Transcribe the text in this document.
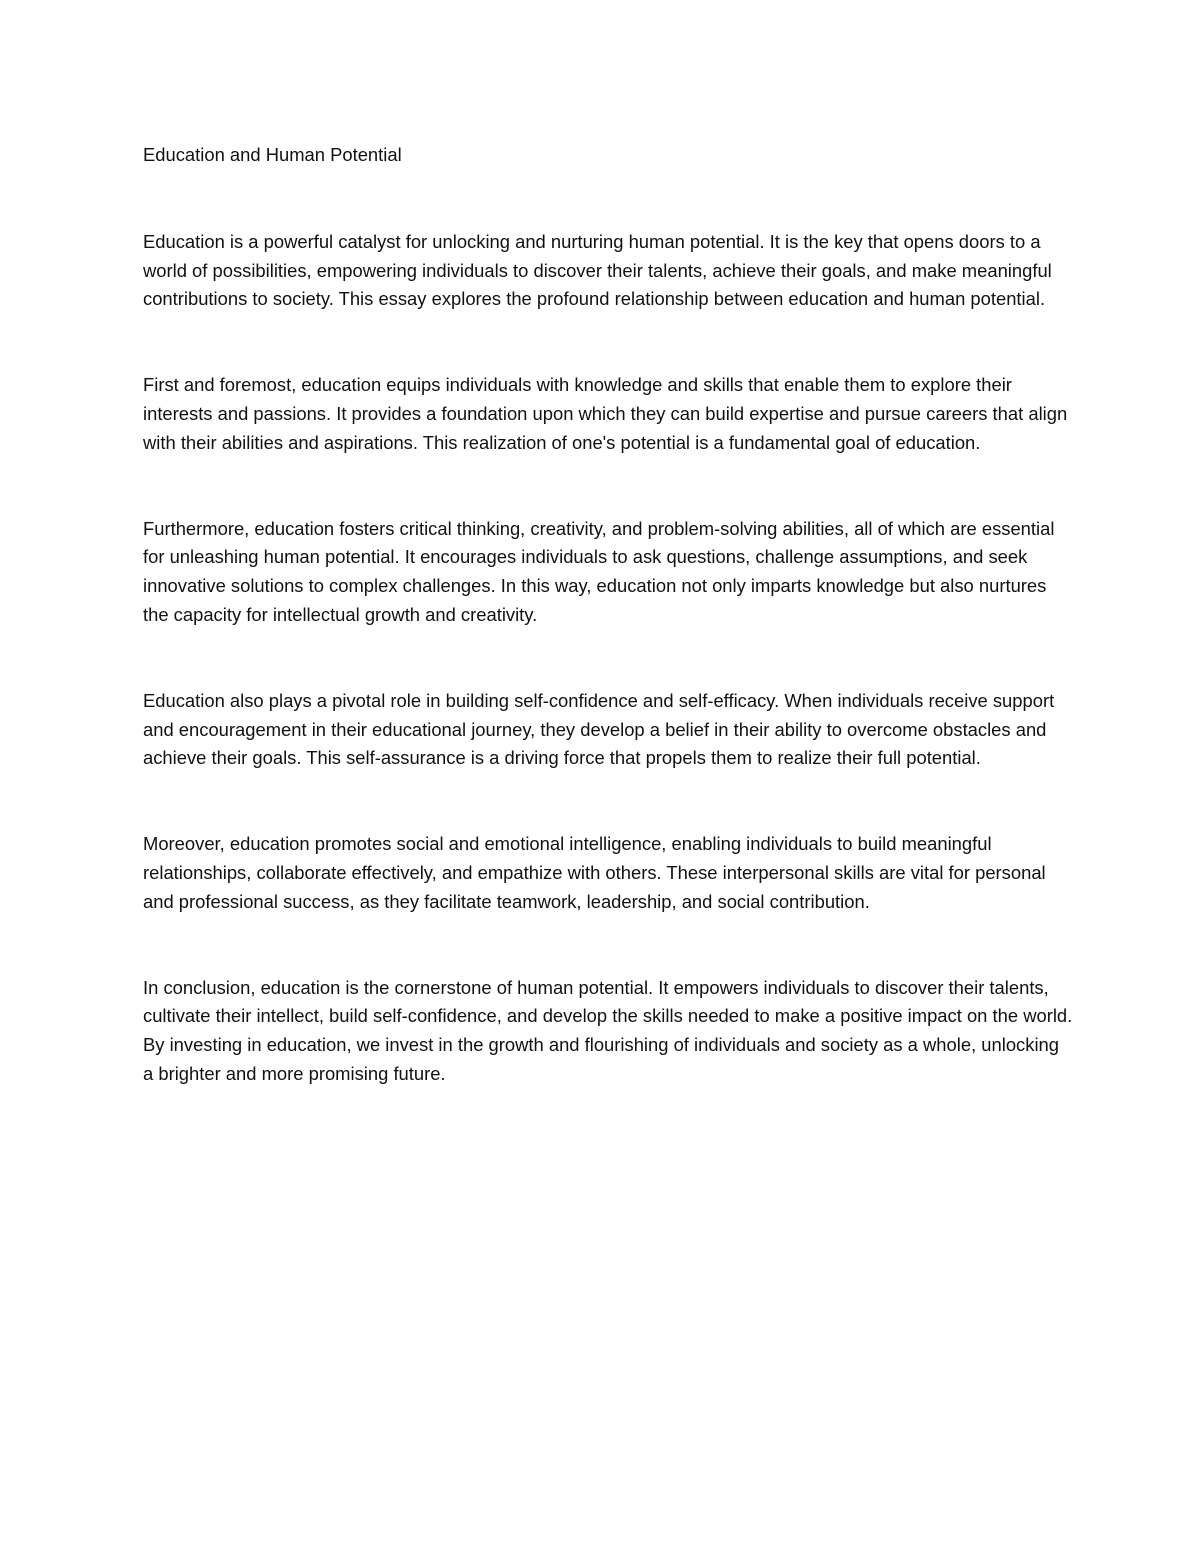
Education and Human Potential

Education is a powerful catalyst for unlocking and nurturing human potential. It is the key that opens doors to a world of possibilities, empowering individuals to discover their talents, achieve their goals, and make meaningful contributions to society. This essay explores the profound relationship between education and human potential.

First and foremost, education equips individuals with knowledge and skills that enable them to explore their interests and passions. It provides a foundation upon which they can build expertise and pursue careers that align with their abilities and aspirations. This realization of one's potential is a fundamental goal of education.

Furthermore, education fosters critical thinking, creativity, and problem-solving abilities, all of which are essential for unleashing human potential. It encourages individuals to ask questions, challenge assumptions, and seek innovative solutions to complex challenges. In this way, education not only imparts knowledge but also nurtures the capacity for intellectual growth and creativity.

Education also plays a pivotal role in building self-confidence and self-efficacy. When individuals receive support and encouragement in their educational journey, they develop a belief in their ability to overcome obstacles and achieve their goals. This self-assurance is a driving force that propels them to realize their full potential.

Moreover, education promotes social and emotional intelligence, enabling individuals to build meaningful relationships, collaborate effectively, and empathize with others. These interpersonal skills are vital for personal and professional success, as they facilitate teamwork, leadership, and social contribution.

In conclusion, education is the cornerstone of human potential. It empowers individuals to discover their talents, cultivate their intellect, build self-confidence, and develop the skills needed to make a positive impact on the world. By investing in education, we invest in the growth and flourishing of individuals and society as a whole, unlocking a brighter and more promising future.
